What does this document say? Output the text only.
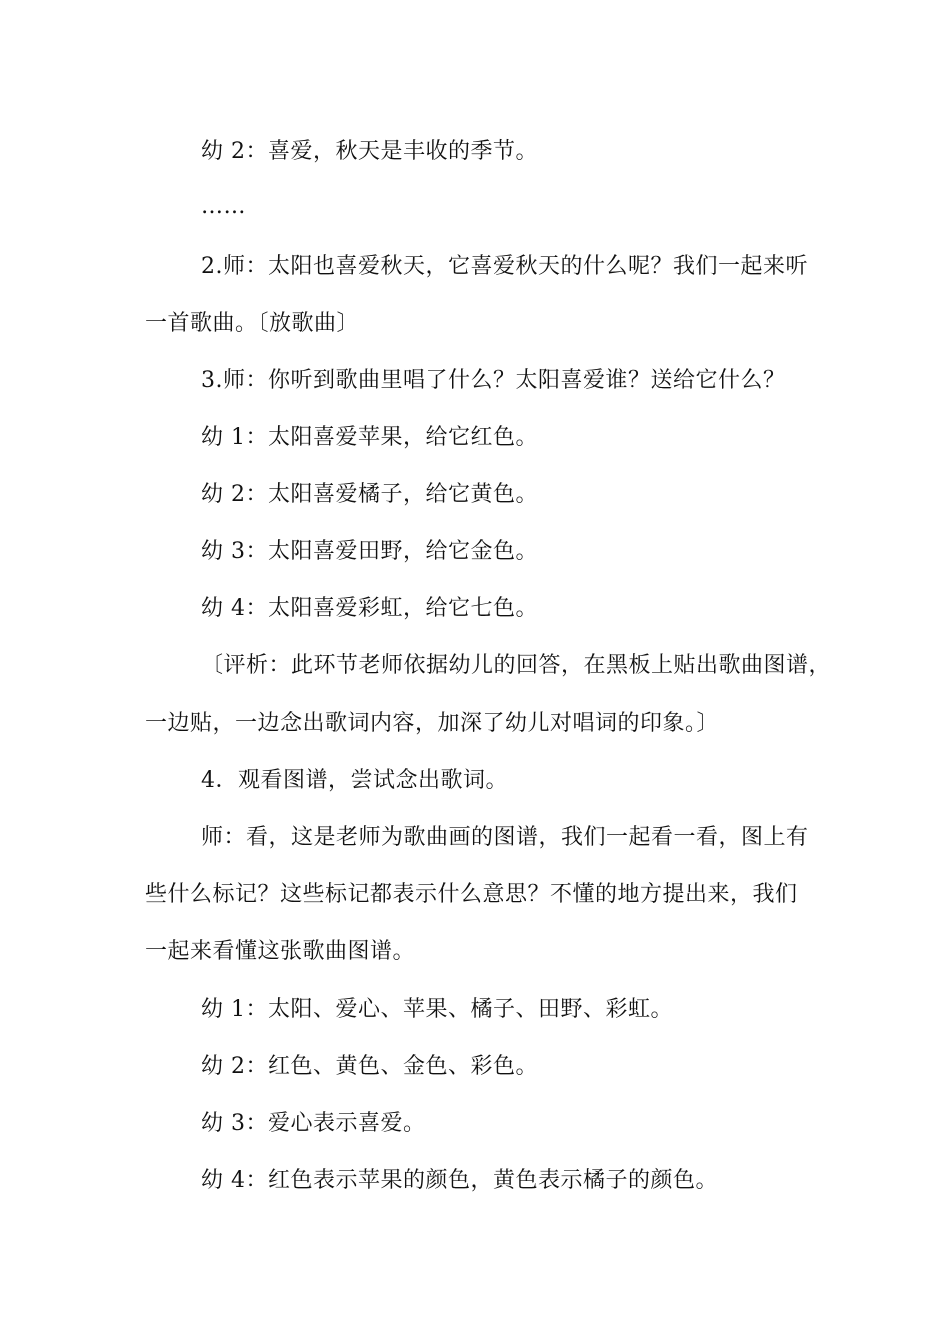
幼 2：喜爱，秋天是丰收的季节。
……
2.师：太阳也喜爱秋天，它喜爱秋天的什么呢？我们一起来听
一首歌曲。〔放歌曲〕
3.师：你听到歌曲里唱了什么？太阳喜爱谁？送给它什么？
幼 1：太阳喜爱苹果，给它红色。
幼 2：太阳喜爱橘子，给它黄色。
幼 3：太阳喜爱田野，给它金色。
幼 4：太阳喜爱彩虹，给它七色。
〔评析：此环节老师依据幼儿的回答，在黑板上贴出歌曲图谱，
一边贴，一边念出歌词内容，加深了幼儿对唱词的印象。〕
4．观看图谱，尝试念出歌词。
师：看，这是老师为歌曲画的图谱，我们一起看一看，图上有
些什么标记？这些标记都表示什么意思？不懂的地方提出来，我们
一起来看懂这张歌曲图谱。
幼 1：太阳、爱心、苹果、橘子、田野、彩虹。
幼 2：红色、黄色、金色、彩色。
幼 3：爱心表示喜爱。
幼 4：红色表示苹果的颜色，黄色表示橘子的颜色。
